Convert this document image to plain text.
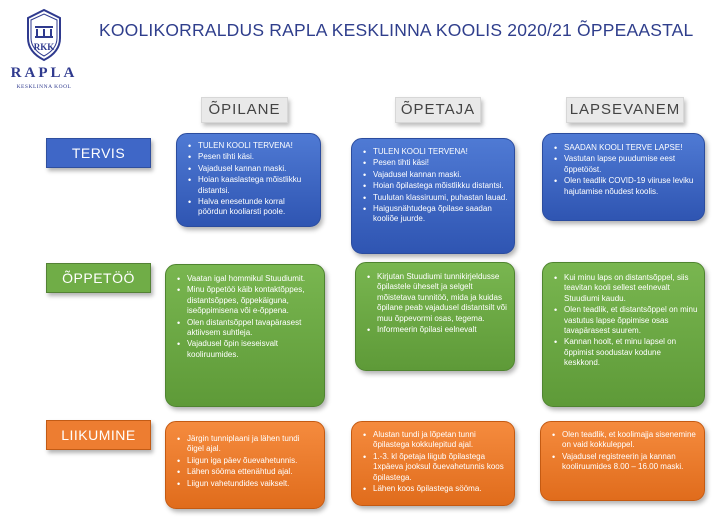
RKK
RAPLA
KESKLINNA KOOL
KOOLIKORRALDUS RAPLA KESKLINNA KOOLIS 2020/21 ÕPPEAASTAL
ÕPILANE	ÕPETAJA	LAPSEVANEM
TERVIS
ÕPPETÖÖ
LIIKUMINE
• TULEN KOOLI TERVENA!
• Pesen tihti käsi.
• Vajadusel kannan maski.
• Hoian kaaslastega mõistlikku distantsi.
• Halva enesetunde korral pöördun kooliarsti poole.
• TULEN KOOLI TERVENA!
• Pesen tihti käsi!
• Vajadusel kannan maski.
• Hoian õpilastega mõistlikku distantsi.
• Tuulutan klassiruumi, puhastan lauad.
• Haigusnähtudega õpilase saadan kooliõe juurde.
• SAADAN KOOLI TERVE LAPSE!
• Vastutan lapse puudumise eest õppetööst.
• Olen teadlik COVID-19 viiruse leviku hajutamise nõudest koolis.
• Vaatan igal hommikul Stuudiumit.
• Minu õppetöö käib kontaktõppes, distantsõppes, õppekäiguna, iseõppimisena või e-õppena.
• Olen distantsõppel tavapärasest aktiivsem suhtleja.
• Vajadusel õpin iseseisvalt kooliruumides.
• Kirjutan Stuudiumi tunnikirjeldusse õpilastele üheselt ja selgelt mõistetava tunnitöö, mida ja kuidas õpilane peab vajadusel distantsilt või muu õppevormi osas, tegema.
• Informeerin õpilasi eelnevalt
• Kui minu laps on distantsõppel, siis teavitan kooli sellest eelnevalt Stuudiumi kaudu.
• Olen teadlik, et distantsõppel on minu vastutus lapse õppimise osas tavapärasest suurem.
• Kannan hoolt, et minu lapsel on õppimist soodustav kodune keskkond.
• Järgin tunniplaani ja lähen tundi õigel ajal.
• Liigun iga päev õuevahetunnis.
• Lähen sööma ettenähtud ajal.
• Liigun vahetundides vaikselt.
• Alustan tundi ja lõpetan tunni õpilastega kokkulepitud ajal.
• 1.-3. kl õpetaja liigub õpilastega 1xpäeva jooksul õuevahetunnis koos õpilastega.
• Lähen koos õpilastega sööma.
• Olen teadlik, et koolimajja sisenemine on vaid kokkuleppel.
• Vajadusel registreerin ja kannan kooliruumides 8.00 – 16.00 maski.
